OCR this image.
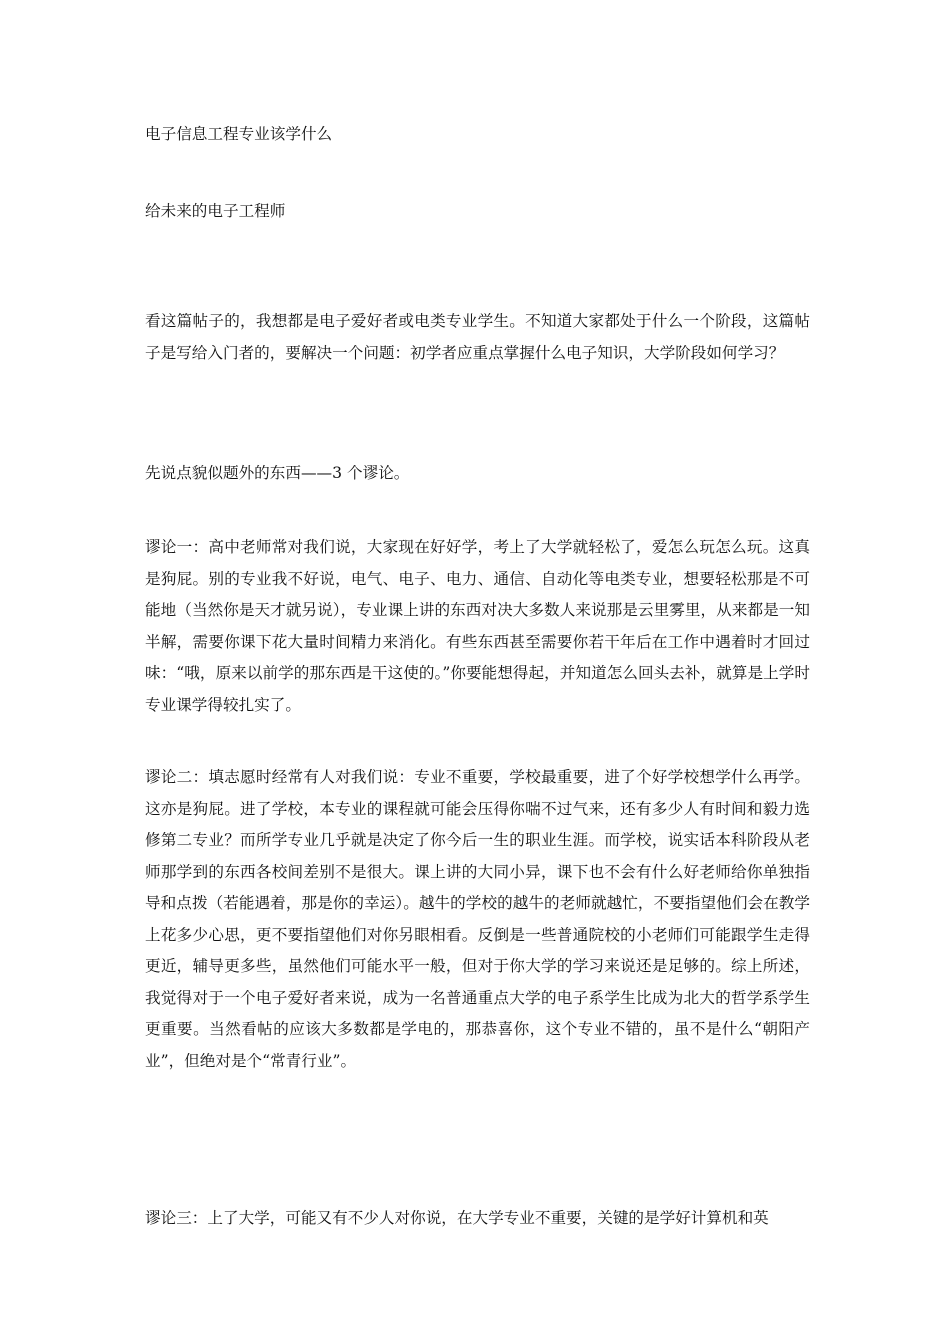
电子信息工程专业该学什么

给未来的电子工程师

看这篇帖子的，我想都是电子爱好者或电类专业学生。不知道大家都处于什么一个阶段，这篇帖子是写给入门者的，要解决一个问题：初学者应重点掌握什么电子知识，大学阶段如何学习？

先说点貌似题外的东西——3 个谬论。

谬论一：高中老师常对我们说，大家现在好好学，考上了大学就轻松了，爱怎么玩怎么玩。这真是狗屁。别的专业我不好说，电气、电子、电力、通信、自动化等电类专业，想要轻松那是不可能地（当然你是天才就另说），专业课上讲的东西对决大多数人来说那是云里雾里，从来都是一知半解，需要你课下花大量时间精力来消化。有些东西甚至需要你若干年后在工作中遇着时才回过味：“哦，原来以前学的那东西是干这使的。”你要能想得起，并知道怎么回头去补，就算是上学时专业课学得较扎实了。

谬论二：填志愿时经常有人对我们说：专业不重要，学校最重要，进了个好学校想学什么再学。这亦是狗屁。进了学校，本专业的课程就可能会压得你喘不过气来，还有多少人有时间和毅力选修第二专业？而所学专业几乎就是决定了你今后一生的职业生涯。而学校，说实话本科阶段从老师那学到的东西各校间差别不是很大。课上讲的大同小异，课下也不会有什么好老师给你单独指导和点拨（若能遇着，那是你的幸运）。越牛的学校的越牛的老师就越忙，不要指望他们会在教学上花多少心思，更不要指望他们对你另眼相看。反倒是一些普通院校的小老师们可能跟学生走得更近，辅导更多些，虽然他们可能水平一般，但对于你大学的学习来说还是足够的。综上所述，我觉得对于一个电子爱好者来说，成为一名普通重点大学的电子系学生比成为北大的哲学系学生更重要。当然看帖的应该大多数都是学电的，那恭喜你，这个专业不错的，虽不是什么“朝阳产业”，但绝对是个“常青行业”。

谬论三：上了大学，可能又有不少人对你说，在大学专业不重要，关键的是学好计算机和英
